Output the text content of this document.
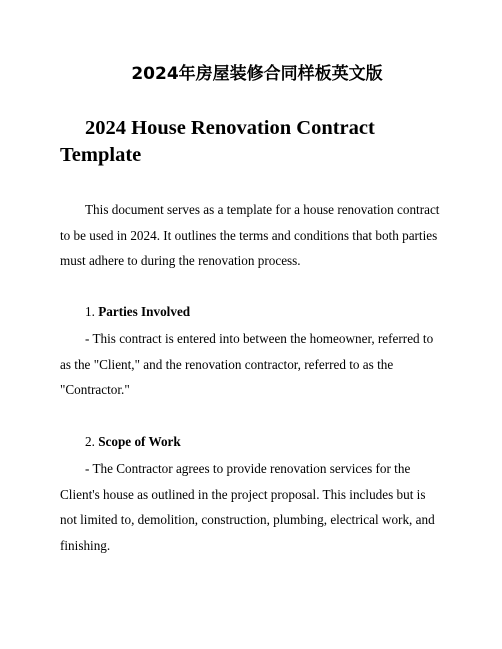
2024年房屋装修合同样板英文版
2024 House Renovation Contract Template

This document serves as a template for a house renovation contract to be used in 2024. It outlines the terms and conditions that both parties must adhere to during the renovation process.

1. Parties Involved

- This contract is entered into between the homeowner, referred to as the "Client," and the renovation contractor, referred to as the "Contractor."

2. Scope of Work

- The Contractor agrees to provide renovation services for the Client's house as outlined in the project proposal. This includes but is not limited to, demolition, construction, plumbing, electrical work, and finishing.
